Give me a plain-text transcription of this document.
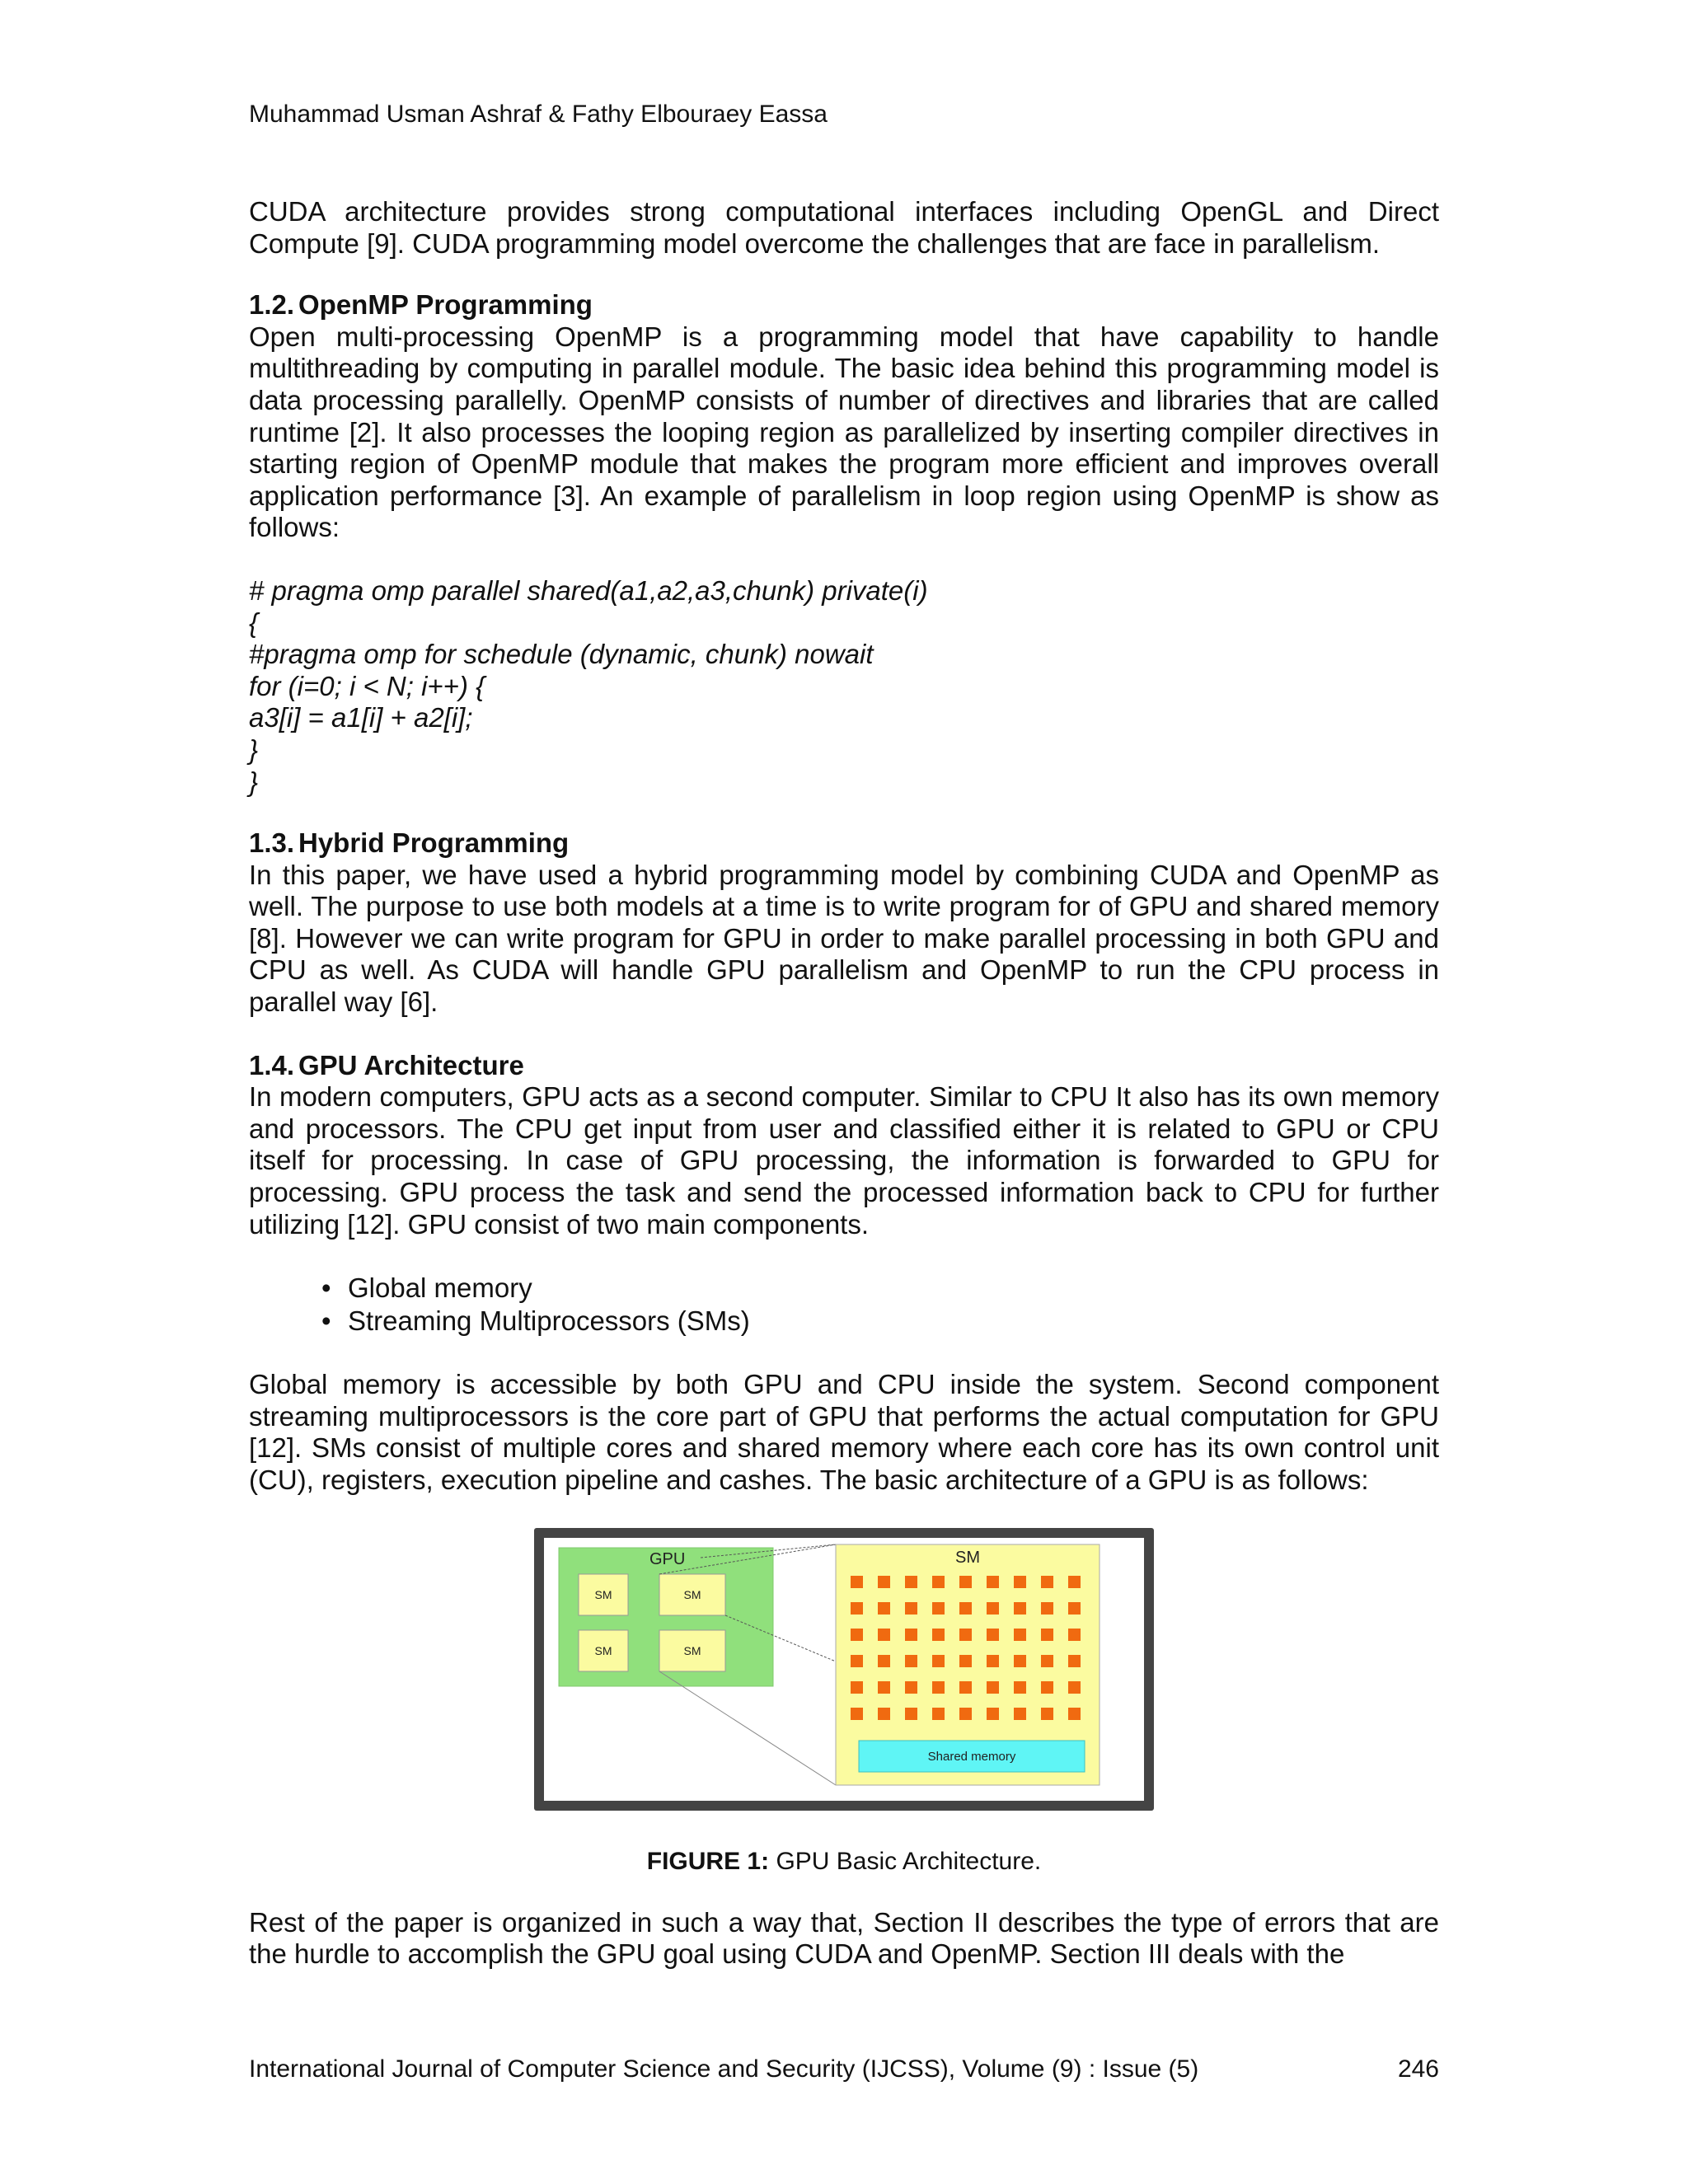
Muhammad Usman Ashraf & Fathy Elbouraey Eassa

CUDA architecture provides strong computational interfaces including OpenGL and Direct Compute [9]. CUDA programming model overcome the challenges that are face in parallelism.

1.2. OpenMP Programming

Open multi-processing OpenMP is a programming model that have capability to handle multithreading by computing in parallel module. The basic idea behind this programming model is data processing parallelly. OpenMP consists of number of directives and libraries that are called runtime [2]. It also processes the looping region as parallelized by inserting compiler directives in starting region of OpenMP module that makes the program more efficient and improves overall application performance [3]. An example of parallelism in loop region using OpenMP is show as follows:

# pragma omp parallel shared(a1,a2,a3,chunk) private(i)
{
#pragma omp for schedule (dynamic, chunk) nowait
for (i=0; i < N; i++) {
a3[i] = a1[i] + a2[i];
}
}
1.3. Hybrid Programming

In this paper, we have used a hybrid programming model by combining CUDA and OpenMP as well. The purpose to use both models at a time is to write program for of GPU and shared memory [8]. However we can write program for GPU in order to make parallel processing in both GPU and CPU as well. As CUDA will handle GPU parallelism and OpenMP to run the CPU process in parallel way [6].

1.4. GPU Architecture

In modern computers, GPU acts as a second computer. Similar to CPU It also has its own memory and processors. The CPU get input from user and classified either it is related to GPU or CPU itself for processing. In case of GPU processing, the information is forwarded to GPU for processing. GPU process the task and send the processed information back to CPU for further utilizing [12]. GPU consist of two main components.

• Global memory
• Streaming Multiprocessors (SMs)

Global memory is accessible by both GPU and CPU inside the system. Second component streaming multiprocessors is the core part of GPU that performs the actual computation for GPU [12]. SMs consist of multiple cores and shared memory where each core has its own control unit (CU), registers, execution pipeline and cashes. The basic architecture of a GPU is as follows:

GPU
SM	SM
SM	SM
SM
Shared memory
FIGURE 1: GPU Basic Architecture.

Rest of the paper is organized in such a way that, Section II describes the type of errors that are the hurdle to accomplish the GPU goal using CUDA and OpenMP. Section III deals with the

International Journal of Computer Science and Security (IJCSS), Volume (9) : Issue (5)	246
